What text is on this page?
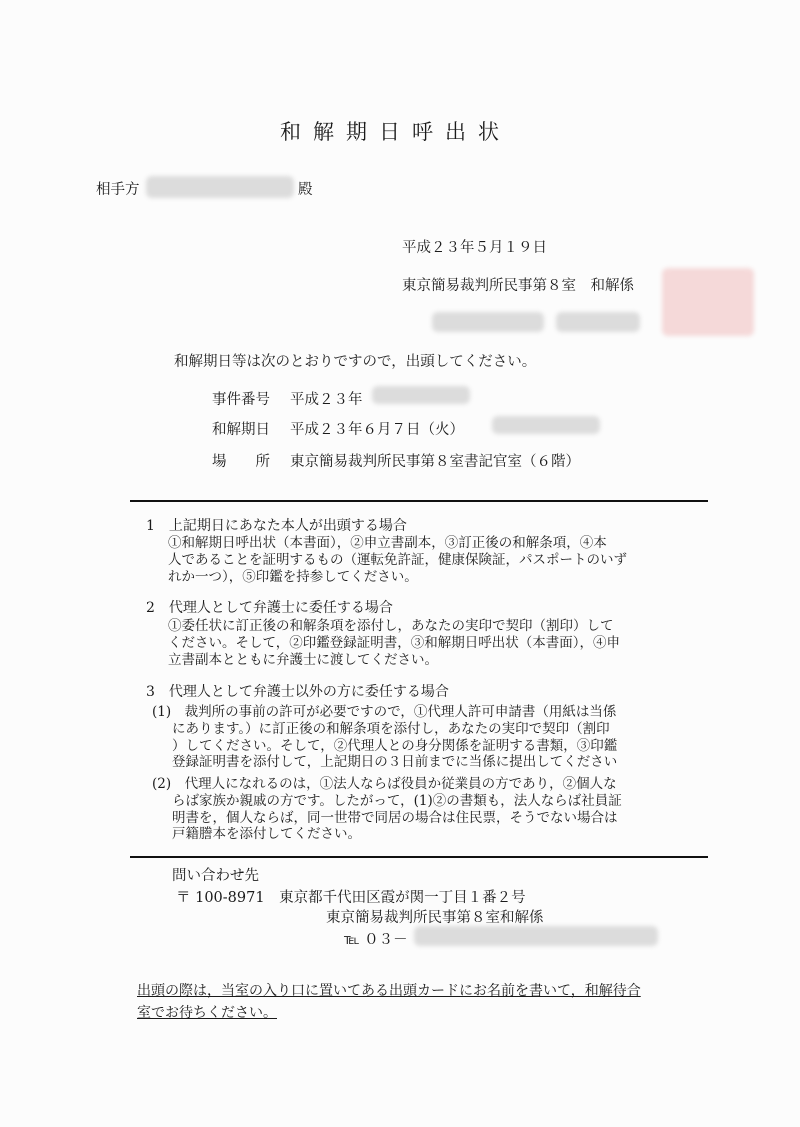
和解期日呼出状
相手方	殿
平成２３年５月１９日
東京簡易裁判所民事第８室　和解係
和解期日等は次のとおりですので，出頭してください。
事件番号 平成２３年
和解期日 平成２３年６月７日（火）
場　　所 東京簡易裁判所民事第８室書記官室（６階）
1　上記期日にあなた本人が出頭する場合
①和解期日呼出状（本書面），②申立書副本，③訂正後の和解条項，④本
人であることを証明するもの（運転免許証，健康保険証，パスポートのいず
れか一つ），⑤印鑑を持参してください。
2　代理人として弁護士に委任する場合
①委任状に訂正後の和解条項を添付し，あなたの実印で契印（割印）して
ください。そして，②印鑑登録証明書，③和解期日呼出状（本書面），④申
立書副本とともに弁護士に渡してください。
3　代理人として弁護士以外の方に委任する場合
(1)　裁判所の事前の許可が必要ですので，①代理人許可申請書（用紙は当係
にあります。）に訂正後の和解条項を添付し，あなたの実印で契印（割印
）してください。そして，②代理人との身分関係を証明する書類，③印鑑
登録証明書を添付して，上記期日の３日前までに当係に提出してください
(2)　代理人になれるのは，①法人ならば役員か従業員の方であり，②個人な
らば家族か親戚の方です。したがって，(1)②の書類も，法人ならば社員証
明書を，個人ならば，同一世帯で同居の場合は住民票，そうでない場合は
戸籍謄本を添付してください。
問い合わせ先
〒 100-8971　東京都千代田区霞が関一丁目１番２号
東京簡易裁判所民事第８室和解係
℡ ０３－
出頭の際は，当室の入り口に置いてある出頭カードにお名前を書いて，和解待合
室でお待ちください。
